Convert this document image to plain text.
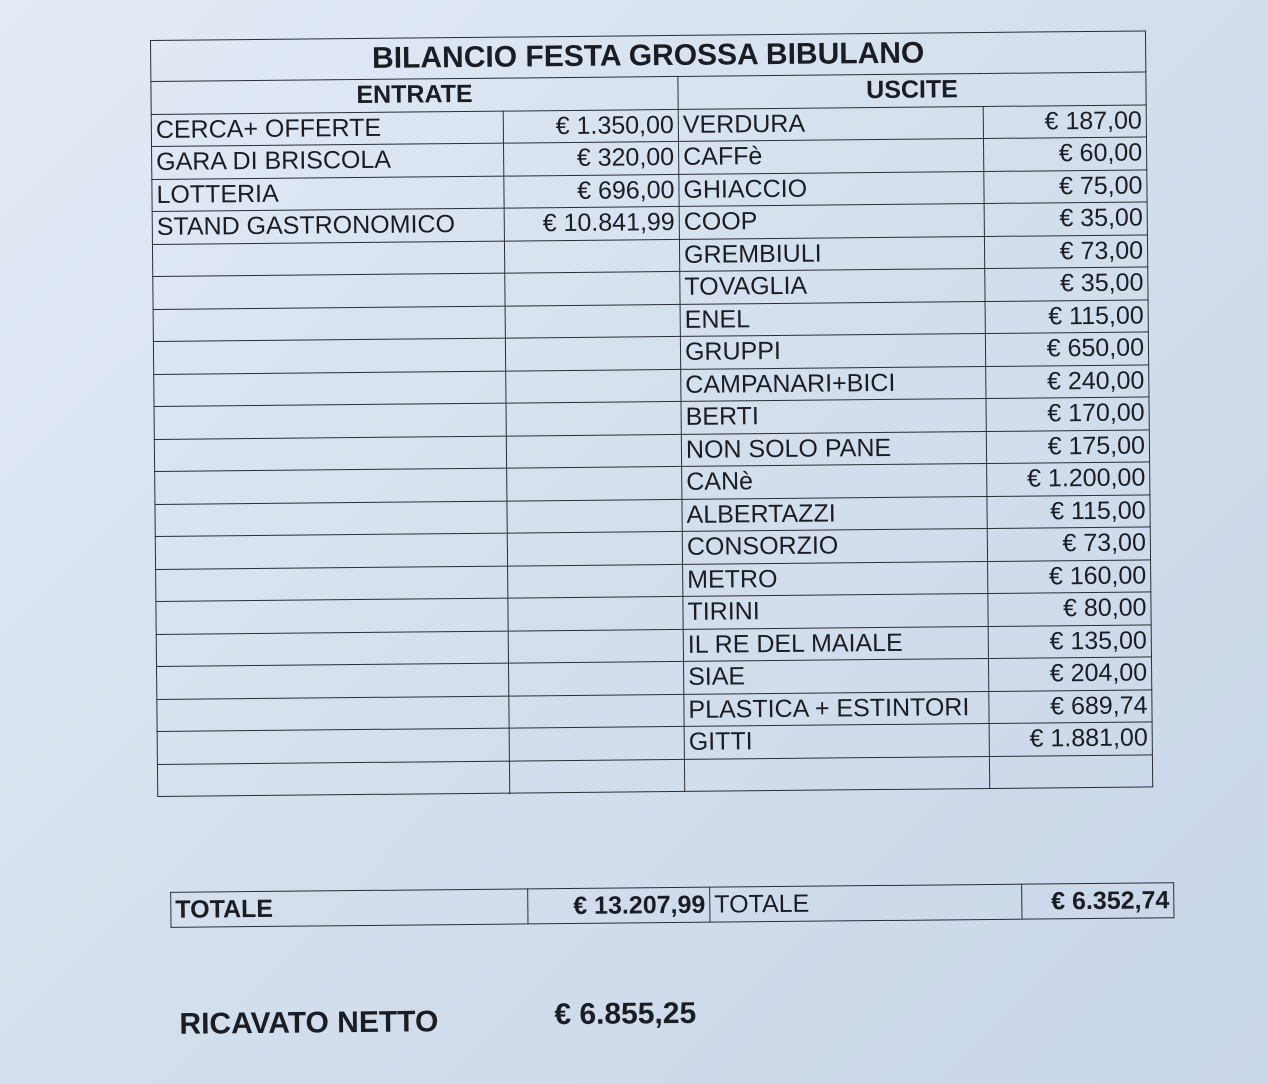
BILANCIO FESTA GROSSA BIBULANO			
ENTRATE		USCITE	
CERCA+ OFFERTE	€ 1.350,00	VERDURA	€ 187,00
GARA DI BRISCOLA	€ 320,00	CAFFè	€ 60,00
LOTTERIA	€ 696,00	GHIACCIO	€ 75,00
STAND GASTRONOMICO	€ 10.841,99	COOP	€ 35,00
		GREMBIULI	€ 73,00
		TOVAGLIA	€ 35,00
		ENEL	€ 115,00
		GRUPPI	€ 650,00
		CAMPANARI+BICI	€ 240,00
		BERTI	€ 170,00
		NON SOLO PANE	€ 175,00
		CANè	€ 1.200,00
		ALBERTAZZI	€ 115,00
		CONSORZIO	€ 73,00
		METRO	€ 160,00
		TIRINI	€ 80,00
		IL RE DEL MAIALE	€ 135,00
		SIAE	€ 204,00
		PLASTICA + ESTINTORI	€ 689,74
		GITTI	€ 1.881,00

TOTALE	€ 13.207,99	TOTALE	€ 6.352,74
RICAVATO NETTO	€ 6.855,25
